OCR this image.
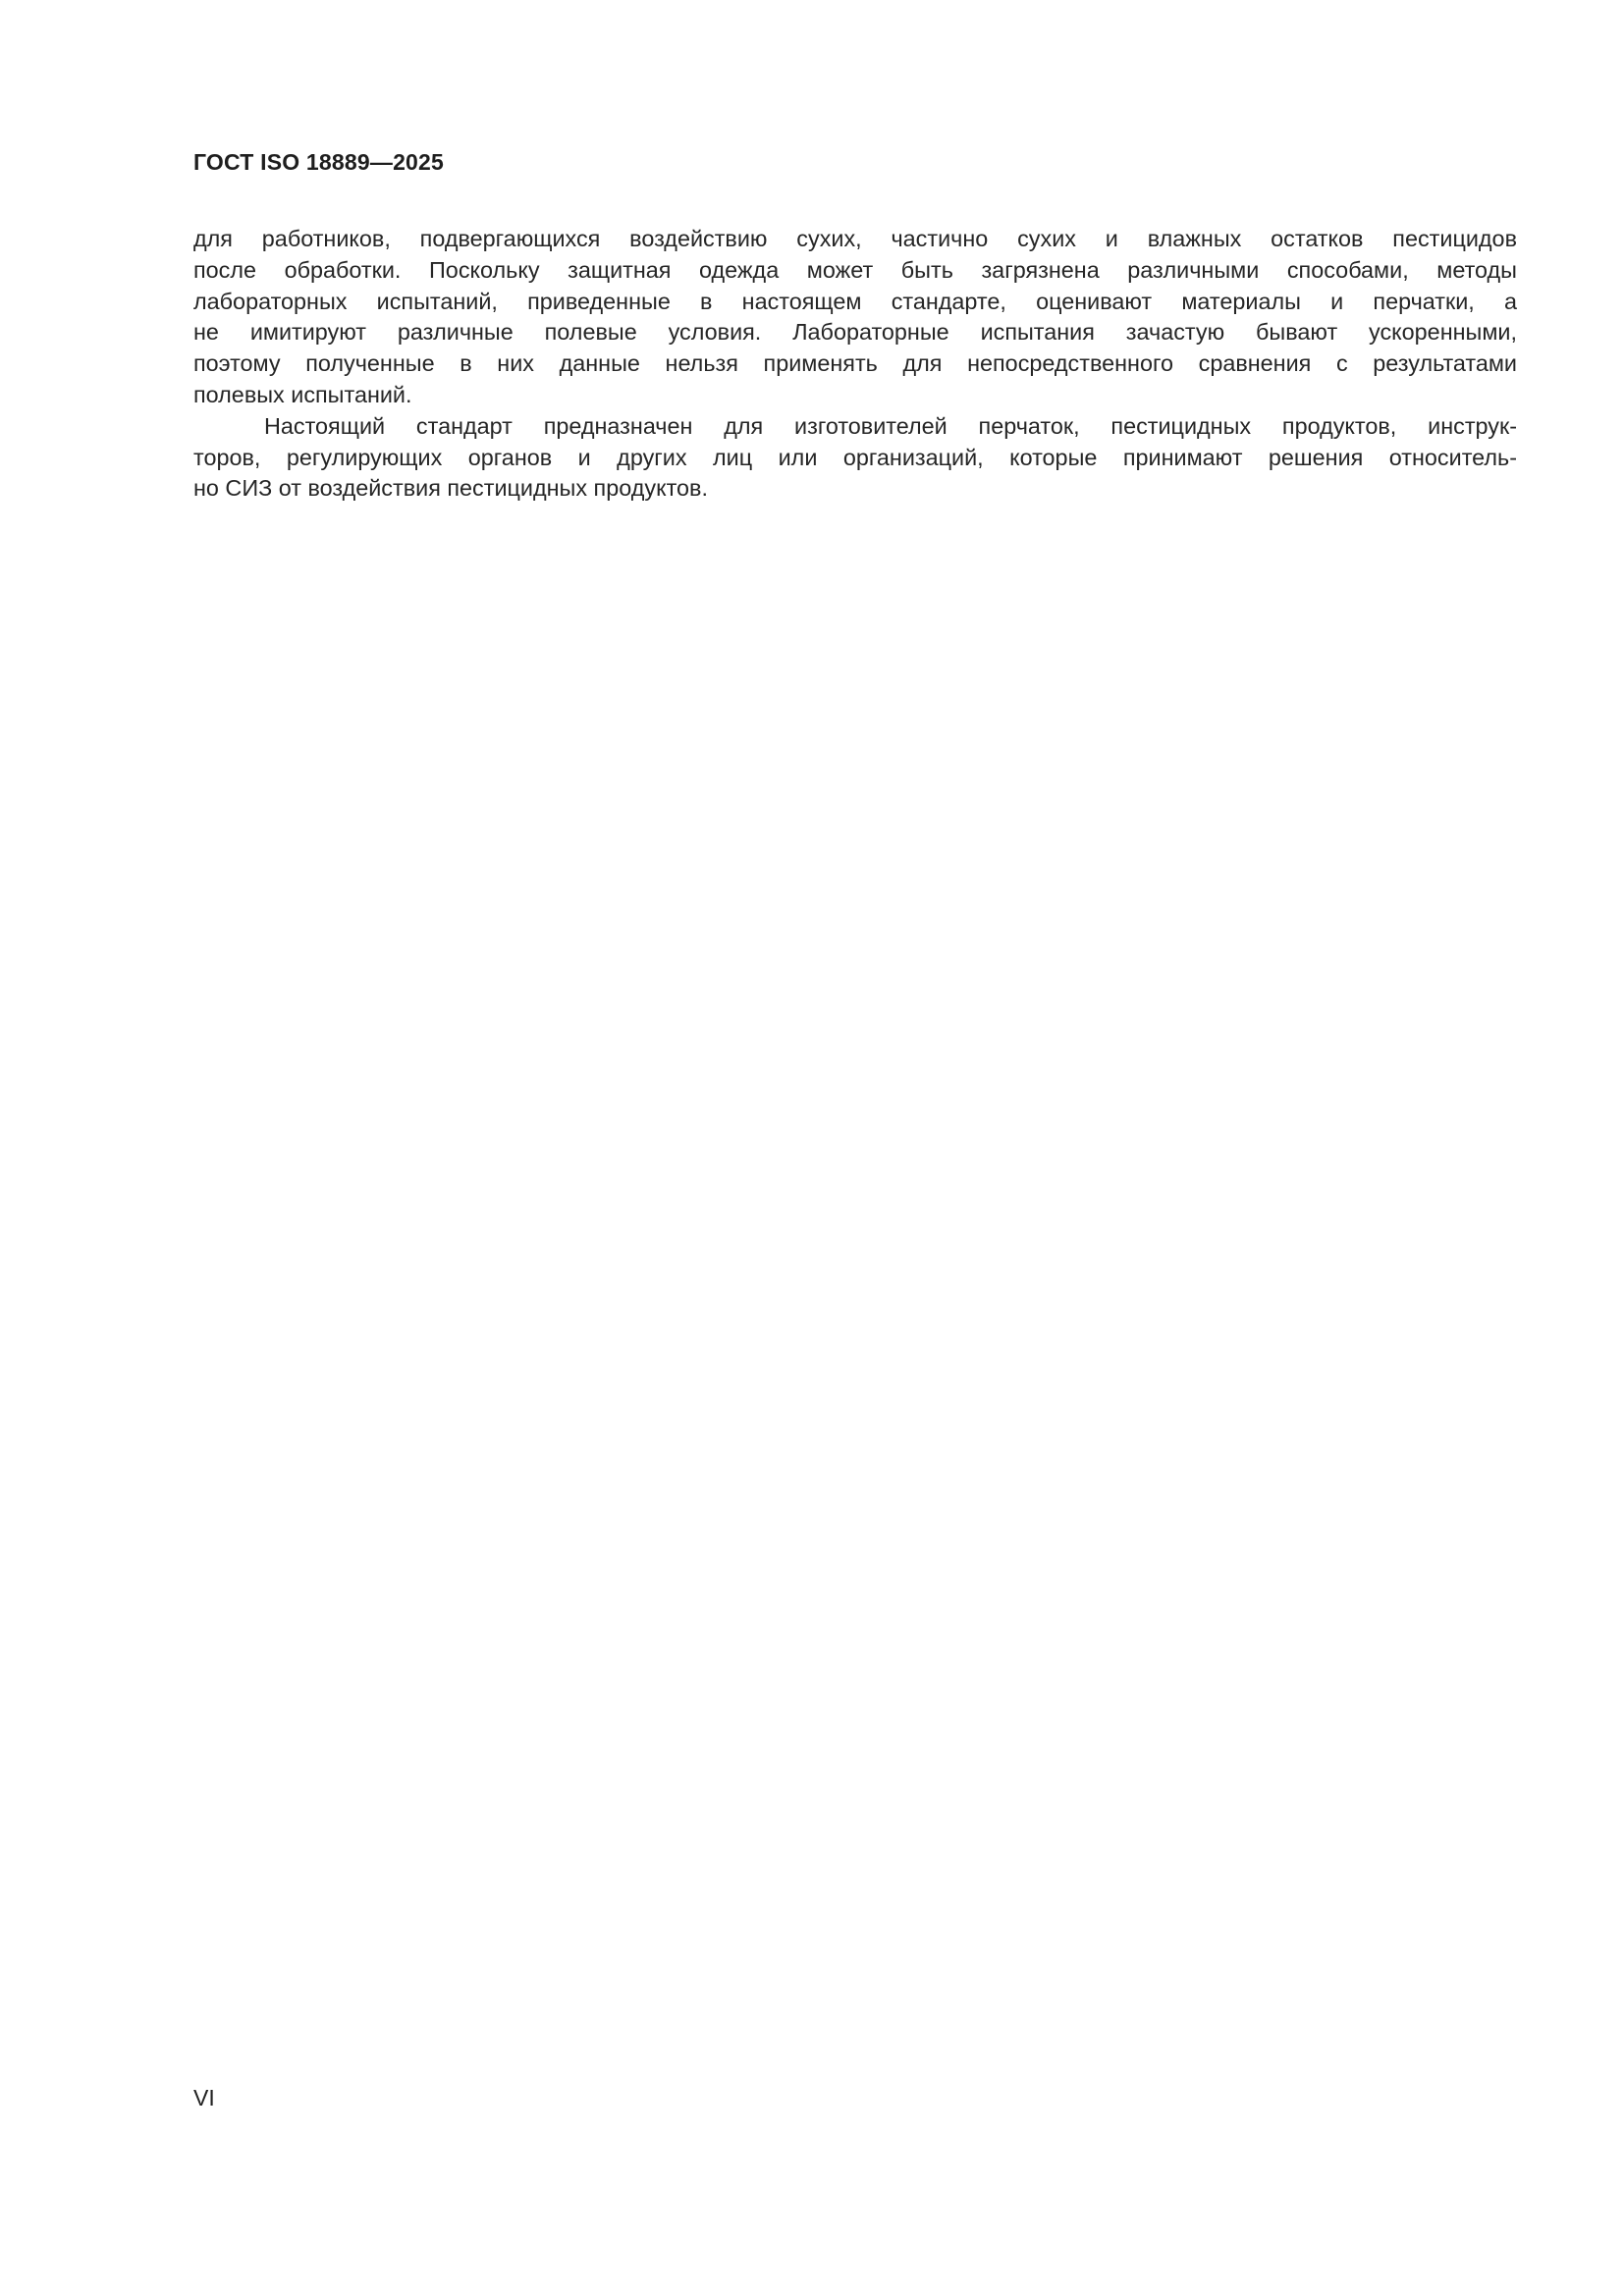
ГОСТ ISO 18889—2025
для работников, подвергающихся воздействию сухих, частично сухих и влажных остатков пестицидов
после обработки. Поскольку защитная одежда может быть загрязнена различными способами, методы
лабораторных испытаний, приведенные в настоящем стандарте, оценивают материалы и перчатки, а
не имитируют различные полевые условия. Лабораторные испытания зачастую бывают ускоренными,
поэтому полученные в них данные нельзя применять для непосредственного сравнения с результатами
полевых испытаний.
Настоящий стандарт предназначен для изготовителей перчаток, пестицидных продуктов, инструк-
торов, регулирующих органов и других лиц или организаций, которые принимают решения относитель-
но СИЗ от воздействия пестицидных продуктов.
VI
